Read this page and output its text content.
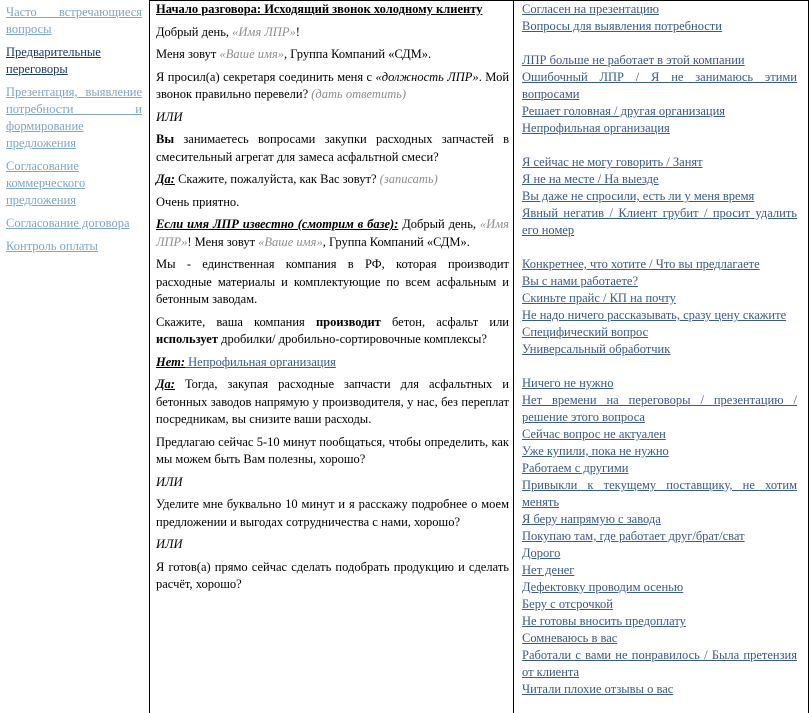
Часто встречающиеся вопросы
Предварительные переговоры
Презентация, выявление потребности и формирование предложения
Согласование коммерческого предложения
Согласование договора
Контроль оплаты

Начало разговора: Исходящий звонок холодному клиенту

Добрый день, «Имя ЛПР»!

Меня зовут «Ваше имя», Группа Компаний «СДМ».

Я просил(а) секретаря соединить меня с «должность ЛПР». Мой звонок правильно перевели? (дать ответить)

ИЛИ

Вы занимаетесь вопросами закупки расходных запчастей в смесительный агрегат для замеса асфальтной смеси?

Да: Скажите, пожалуйста, как Вас зовут? (записать)

Очень приятно.

Если имя ЛПР известно (смотрим в базе): Добрый день, «Имя ЛПР»! Меня зовут «Ваше имя», Группа Компаний «СДМ».

Мы - единственная компания в РФ, которая производит расходные материалы и комплектующие по всем асфальным и бетонным заводам.

Скажите, ваша компания производит бетон, асфальт или использует дробилки/ дробильно-сортировочные комплексы?

Нет: Непрофильная организация

Да: Тогда, закупая расходные запчасти для асфальтных и бетонных заводов напрямую у производителя, у нас, без переплат посредникам, вы снизите ваши расходы.

Предлагаю сейчас 5-10 минут пообщаться, чтобы определить, как мы можем быть Вам полезны, хорошо?

ИЛИ

Уделите мне буквально 10 минут и я расскажу подробнее о моем предложении и выгодах сотрудничества с нами, хорошо?

ИЛИ

Я готов(а) прямо сейчас сделать подобрать продукцию и сделать расчёт, хорошо?

Согласен на презентацию
Вопросы для выявления потребности
ЛПР больше не работает в этой компании
Ошибочный ЛПР / Я не занимаюсь этими вопросами
Решает головная / другая организация
Непрофильная организация
Я сейчас не могу говорить / Занят
Я не на месте / На выезде
Вы даже не спросили, есть ли у меня время
Явный негатив / Клиент грубит / просит удалить его номер
Конкретнее, что хотите / Что вы предлагаете
Вы с нами работаете?
Скиньте прайс / КП на почту
Не надо ничего рассказывать, сразу цену скажите
Специфический вопрос
Универсальный обработчик
Ничего не нужно
Нет времени на переговоры / презентацию / решение этого вопроса
Сейчас вопрос не актуален
Уже купили, пока не нужно
Работаем с другими
Привыкли к текущему поставщику, не хотим менять
Я беру напрямую с завода
Покупаю там, где работает друг/брат/сват
Дорого
Нет денег
Дефектовку проводим осенью
Беру с отсрочкой
Не готовы вносить предоплату
Сомневаюсь в вас
Работали с вами не понравилось / Была претензия от клиента
Читали плохие отзывы о вас
